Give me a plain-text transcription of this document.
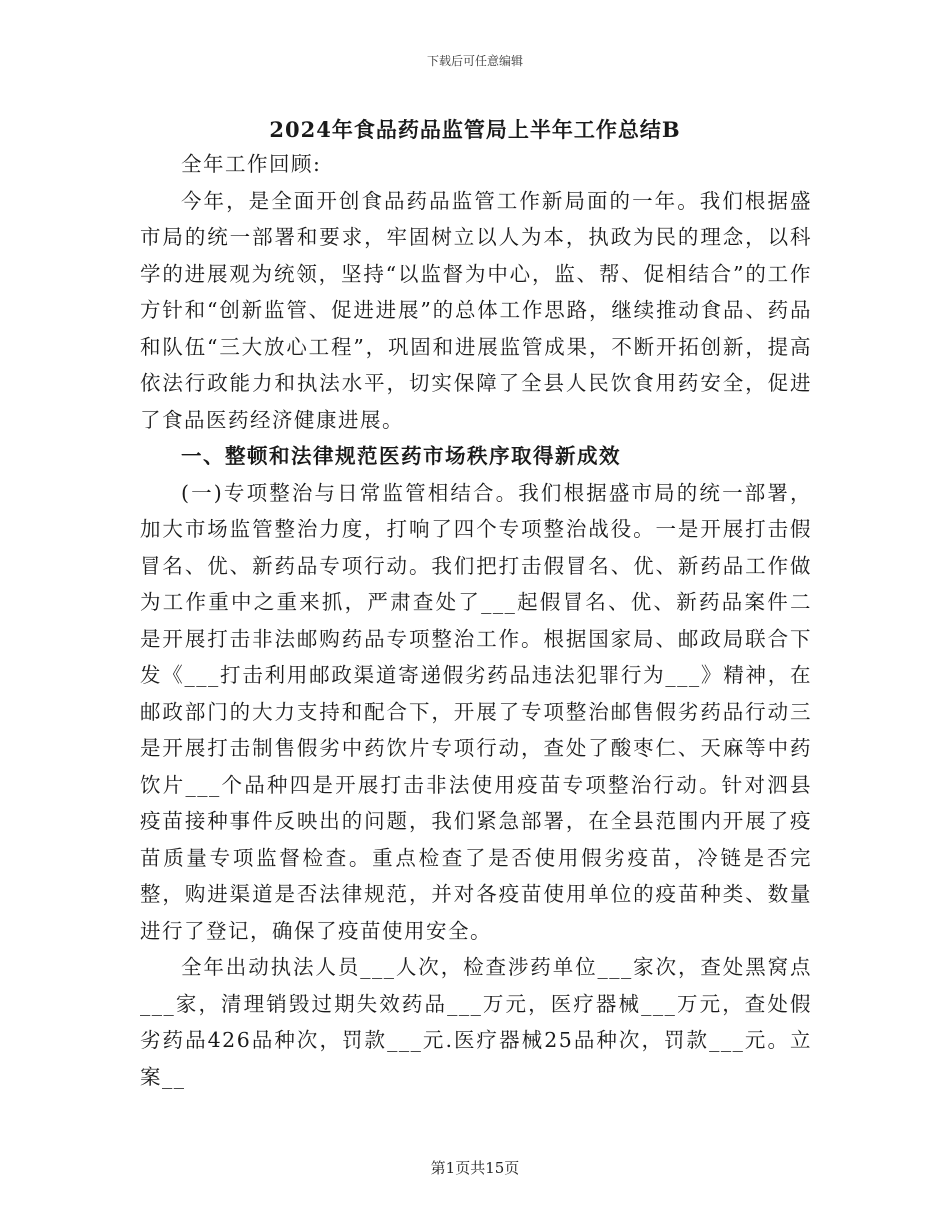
下载后可任意编辑
2024年食品药品监管局上半年工作总结B

全年工作回顾:

今年，是全面开创食品药品监管工作新局面的一年。我们根据盛市局的统一部署和要求，牢固树立以人为本，执政为民的理念，以科学的进展观为统领，坚持“以监督为中心，监、帮、促相结合”的工作方针和“创新监管、促进进展”的总体工作思路，继续推动食品、药品和队伍“三大放心工程”，巩固和进展监管成果，不断开拓创新，提高依法行政能力和执法水平，切实保障了全县人民饮食用药安全，促进了食品医药经济健康进展。

一、整顿和法律规范医药市场秩序取得新成效

(一)专项整治与日常监管相结合。我们根据盛市局的统一部署，加大市场监管整治力度，打响了四个专项整治战役。一是开展打击假冒名、优、新药品专项行动。我们把打击假冒名、优、新药品工作做为工作重中之重来抓，严肃查处了___起假冒名、优、新药品案件二是开展打击非法邮购药品专项整治工作。根据国家局、邮政局联合下发《___打击利用邮政渠道寄递假劣药品违法犯罪行为___》精神，在邮政部门的大力支持和配合下，开展了专项整治邮售假劣药品行动三是开展打击制售假劣中药饮片专项行动，查处了酸枣仁、天麻等中药饮片___个品种四是开展打击非法使用疫苗专项整治行动。针对泗县疫苗接种事件反映出的问题，我们紧急部署，在全县范围内开展了疫苗质量专项监督检查。重点检查了是否使用假劣疫苗，冷链是否完整，购进渠道是否法律规范，并对各疫苗使用单位的疫苗种类、数量进行了登记，确保了疫苗使用安全。

全年出动执法人员___人次，检查涉药单位___家次，查处黑窝点___家，清理销毁过期失效药品___万元，医疗器械___万元，查处假劣药品426品种次，罚款___元.医疗器械25品种次，罚款___元。立案__

第1页共15页
